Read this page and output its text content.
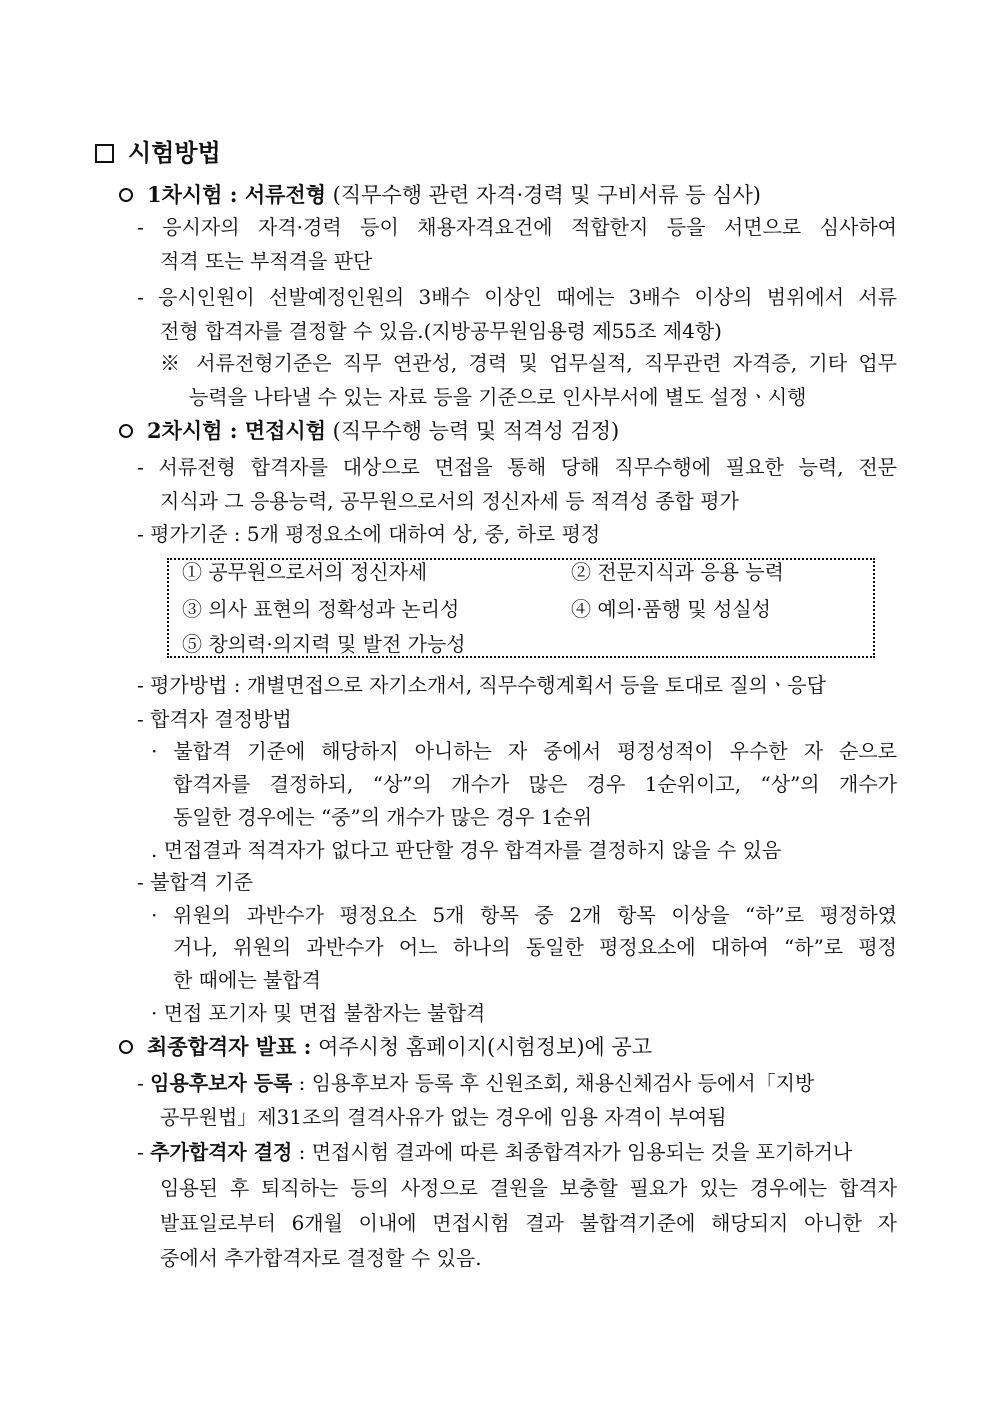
시험방법
1차시험 : 서류전형 (직무수행 관련 자격·경력 및 구비서류 등 심사)
- 응시자의 자격·경력 등이 채용자격요건에 적합한지 등을 서면으로 심사하여
적격 또는 부적격을 판단
- 응시인원이 선발예정인원의 3배수 이상인 때에는 3배수 이상의 범위에서 서류
전형 합격자를 결정할 수 있음.(지방공무원임용령 제55조 제4항)
※ 서류전형기준은 직무 연관성, 경력 및 업무실적, 직무관련 자격증, 기타 업무
능력을 나타낼 수 있는 자료 등을 기준으로 인사부서에 별도 설정ㆍ시행
2차시험 : 면접시험 (직무수행 능력 및 적격성 검정)
- 서류전형 합격자를 대상으로 면접을 통해 당해 직무수행에 필요한 능력, 전문
지식과 그 응용능력, 공무원으로서의 정신자세 등 적격성 종합 평가
- 평가기준 : 5개 평정요소에 대하여 상, 중, 하로 평정
① 공무원으로서의 정신자세	② 전문지식과 응용 능력
③ 의사 표현의 정확성과 논리성	④ 예의·품행 및 성실성
⑤ 창의력·의지력 및 발전 가능성
- 평가방법 : 개별면접으로 자기소개서, 직무수행계획서 등을 토대로 질의ㆍ응답
- 합격자 결정방법
· 불합격 기준에 해당하지 아니하는 자 중에서 평정성적이 우수한 자 순으로
합격자를 결정하되, “상”의 개수가 많은 경우 1순위이고, “상”의 개수가
동일한 경우에는 “중”의 개수가 많은 경우 1순위
. 면접결과 적격자가 없다고 판단할 경우 합격자를 결정하지 않을 수 있음
- 불합격 기준
· 위원의 과반수가 평정요소 5개 항목 중 2개 항목 이상을 “하”로 평정하였
거나, 위원의 과반수가 어느 하나의 동일한 평정요소에 대하여 “하”로 평정
한 때에는 불합격
· 면접 포기자 및 면접 불참자는 불합격
최종합격자 발표 : 여주시청 홈페이지(시험정보)에 공고
- 임용후보자 등록 : 임용후보자 등록 후 신원조회, 채용신체검사 등에서「지방
공무원법」제31조의 결격사유가 없는 경우에 임용 자격이 부여됨
- 추가합격자 결정 : 면접시험 결과에 따른 최종합격자가 임용되는 것을 포기하거나
임용된 후 퇴직하는 등의 사정으로 결원을 보충할 필요가 있는 경우에는 합격자
발표일로부터 6개월 이내에 면접시험 결과 불합격기준에 해당되지 아니한 자
중에서 추가합격자로 결정할 수 있음.
